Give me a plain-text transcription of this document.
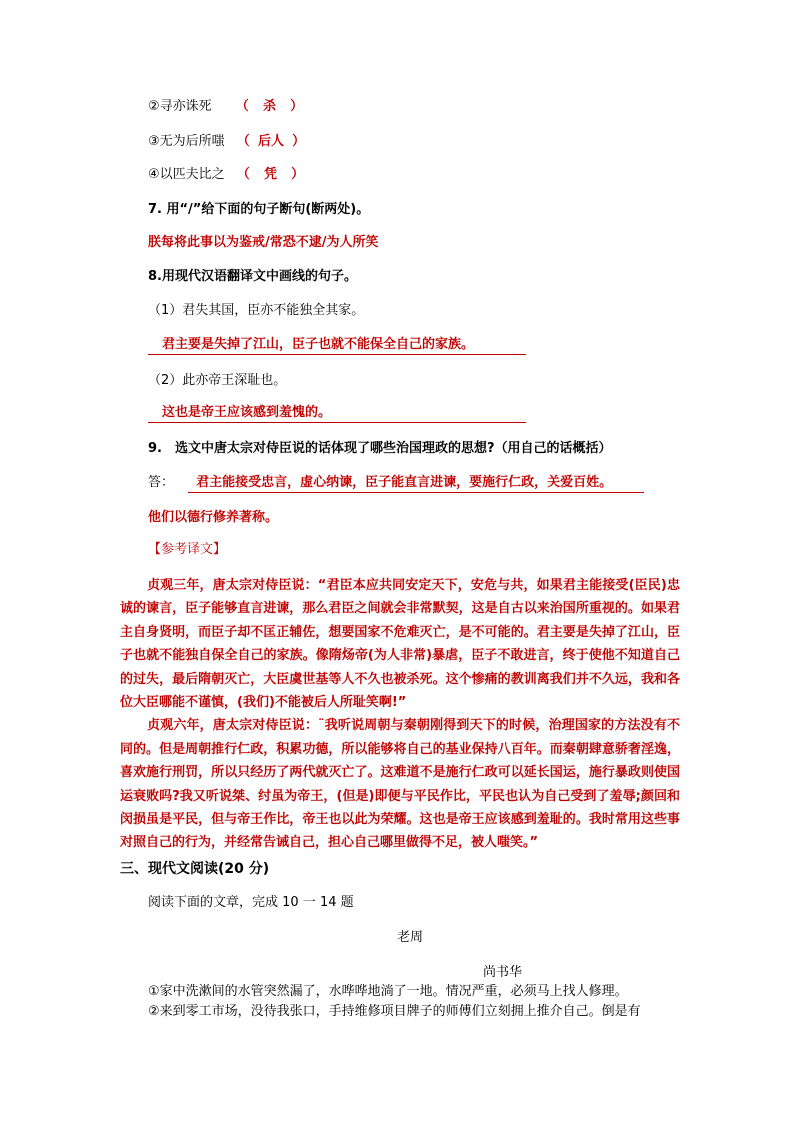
②寻亦诛死 （ 杀 ）
③无为后所嗤 （ 后人 ）
④以匹夫比之 （ 凭 ）
7. 用“/”给下面的句子断句(断两处)。
朕每将此事以为鉴戒/常恐不逮/为人所笑
8.用现代汉语翻译文中画线的句子。
（1）君失其国，臣亦不能独全其家。
君主要是失掉了江山，臣子也就不能保全自己的家族。
（2）此亦帝王深耻也。
这也是帝王应该感到羞愧的。
9.　选文中唐太宗对侍臣说的话体现了哪些治国理政的思想?（用自己的话概括）
答： 君主能接受忠言，虚心纳谏，臣子能直言进谏，要施行仁政，关爱百姓。
他们以德行修养著称。
【参考译文】

贞观三年，唐太宗对侍臣说：“君臣本应共同安定天下，安危与共，如果君主能接受(臣民)忠诚的谏言，臣子能够直言进谏，那么君臣之间就会非常默契，这是自古以来治国所重视的。如果君主自身贤明，而臣子却不匡正辅佐，想要国家不危难灭亡，是不可能的。君主要是失掉了江山，臣子也就不能独自保全自己的家族。像隋炀帝(为人非常)暴虐，臣子不敢进言，终于使他不知道自己的过失，最后隋朝灭亡，大臣虞世基等人不久也被杀死。这个惨痛的教训离我们并不久远，我和各位大臣哪能不谨慎，(我们)不能被后人所耻笑啊!”

贞观六年，唐太宗对侍臣说：¨我听说周朝与秦朝刚得到天下的时候，治理国家的方法没有不同的。但是周朝推行仁政，积累功德，所以能够将自己的基业保持八百年。而秦朝肆意骄奢淫逸，喜欢施行刑罚，所以只经历了两代就灭亡了。这难道不是施行仁政可以延长国运，施行暴政则使国运衰败吗?我又听说桀、纣虽为帝王，(但是)即便与平民作比，平民也认为自己受到了羞辱;颜回和闵损虽是平民，但与帝王作比，帝王也以此为荣耀。这也是帝王应该感到羞耻的。我时常用这些事对照自己的行为，并经常告诫自己，担心自己哪里做得不足，被人嗤笑。”

三、现代文阅读(20 分)
阅读下面的文章，完成 10 一 14 题
老周
尚书华

①家中洗漱间的水管突然漏了，水哗哗地淌了一地。情况严重，必须马上找人修理。

②来到零工市场，没待我张口，手持维修项目牌子的师傅们立刻拥上推介自己。倒是有
